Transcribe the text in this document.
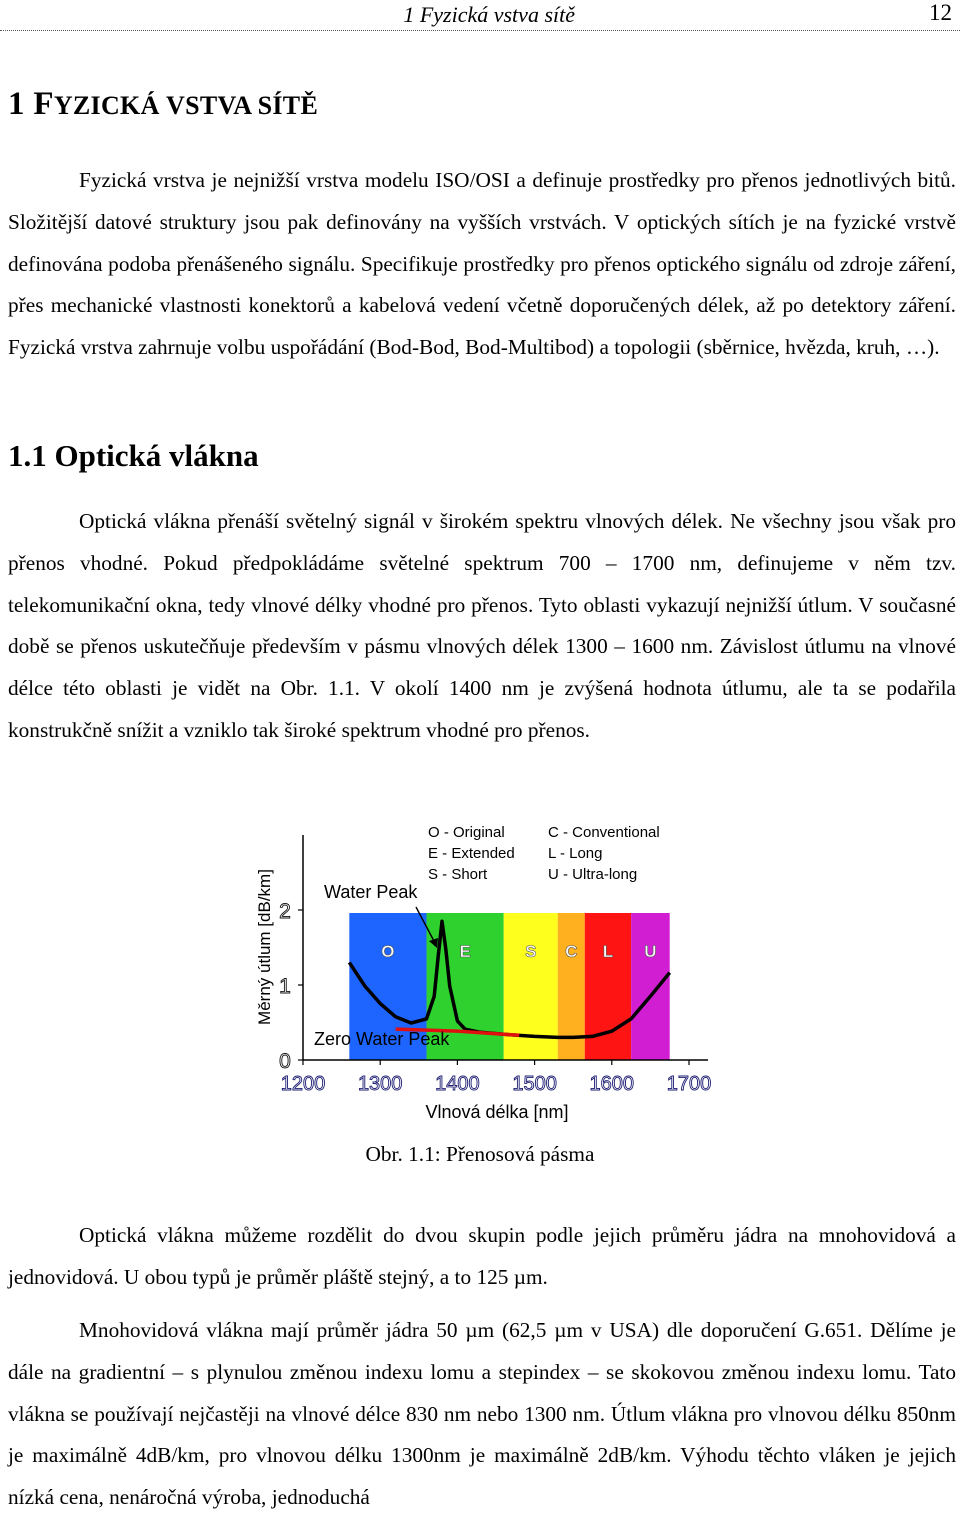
1 Fyzická vstva sítě	12
1 FYZICKÁ VSTVA SÍTĚ

Fyzická vrstva je nejnižší vrstva modelu ISO/OSI a definuje prostředky pro přenos jednotlivých bitů. Složitější datové struktury jsou pak definovány na vyšších vrstvách. V optických sítích je na fyzické vrstvě definována podoba přenášeného signálu. Specifikuje prostředky pro přenos optického signálu od zdroje záření, přes mechanické vlastnosti konektorů a kabelová vedení včetně doporučených délek, až po detektory záření. Fyzická vrstva zahrnuje volbu uspořádání (Bod-Bod, Bod-Multibod) a topologii (sběrnice, hvězda, kruh, …).

1.1 Optická vlákna

Optická vlákna přenáší světelný signál v širokém spektru vlnových délek. Ne všechny jsou však pro přenos vhodné. Pokud předpokládáme světelné spektrum 700 – 1700 nm, definujeme v něm tzv. telekomunikační okna, tedy vlnové délky vhodné pro přenos. Tyto oblasti vykazují nejnižší útlum. V současné době se přenos uskutečňuje především v pásmu vlnových délek 1300 – 1600 nm. Závislost útlumu na vlnové délce této oblasti je vidět na Obr. 1.1. V okolí 1400 nm je zvýšená hodnota útlumu, ale ta se podařila konstrukčně snížit a vzniklo tak široké spektrum vhodné pro přenos.

O	E	S C L U
1200 1300 1400 1500 1600 1700
0
1
2
O - Original
E - Extended
S - Short
C - Conventional
L - Long
U - Ultra-long
Water Peak
Zero Water Peak
Měrný útlum [dB/km]
Vlnová délka [nm]
Obr. 1.1: Přenosová pásma

Optická vlákna můžeme rozdělit do dvou skupin podle jejich průměru jádra na mnohovidová a jednovidová. U obou typů je průměr pláště stejný, a to 125 µm.

Mnohovidová vlákna mají průměr jádra 50 µm (62,5 µm v USA) dle doporučení G.651. Dělíme je dále na gradientní – s plynulou změnou indexu lomu a stepindex – se skokovou změnou indexu lomu. Tato vlákna se používají nejčastěji na vlnové délce 830 nm nebo 1300 nm. Útlum vlákna pro vlnovou délku 850nm je maximálně 4dB/km, pro vlnovou délku 1300nm je maximálně 2dB/km. Výhodu těchto vláken je jejich nízká cena, nenáročná výroba, jednoduchá
